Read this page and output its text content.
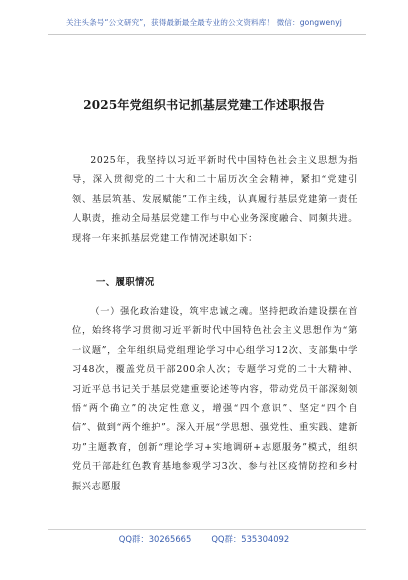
关注头条号“公文研究”，获得最新最全最专业的公文资料库！ 微信：gongwenyj
2025年党组织书记抓基层党建工作述职报告

2025年，我坚持以习近平新时代中国特色社会主义思想为指导，深入贯彻党的二十大和二十届历次全会精神，紧扣“党建引领、基层筑基、发展赋能”工作主线，认真履行基层党建第一责任人职责，推动全局基层党建工作与中心业务深度融合、同频共进。现将一年来抓基层党建工作情况述职如下：

一、履职情况

（一）强化政治建设，筑牢忠诚之魂。坚持把政治建设摆在首位，始终将学习贯彻习近平新时代中国特色社会主义思想作为“第一议题”，全年组织局党组理论学习中心组学习12次、支部集中学习48次，覆盖党员干部200余人次；专题学习党的二十大精神、习近平总书记关于基层党建重要论述等内容，带动党员干部深刻领悟“两个确立”的决定性意义，增强“四个意识”、坚定“四个自信”、做到“两个维护”。深入开展“学思想、强党性、重实践、建新功”主题教育，创新“理论学习+实地调研+志愿服务”模式，组织党员干部赴红色教育基地参观学习3次、参与社区疫情防控和乡村振兴志愿服

QQ群：30265665 QQ群：535304092
